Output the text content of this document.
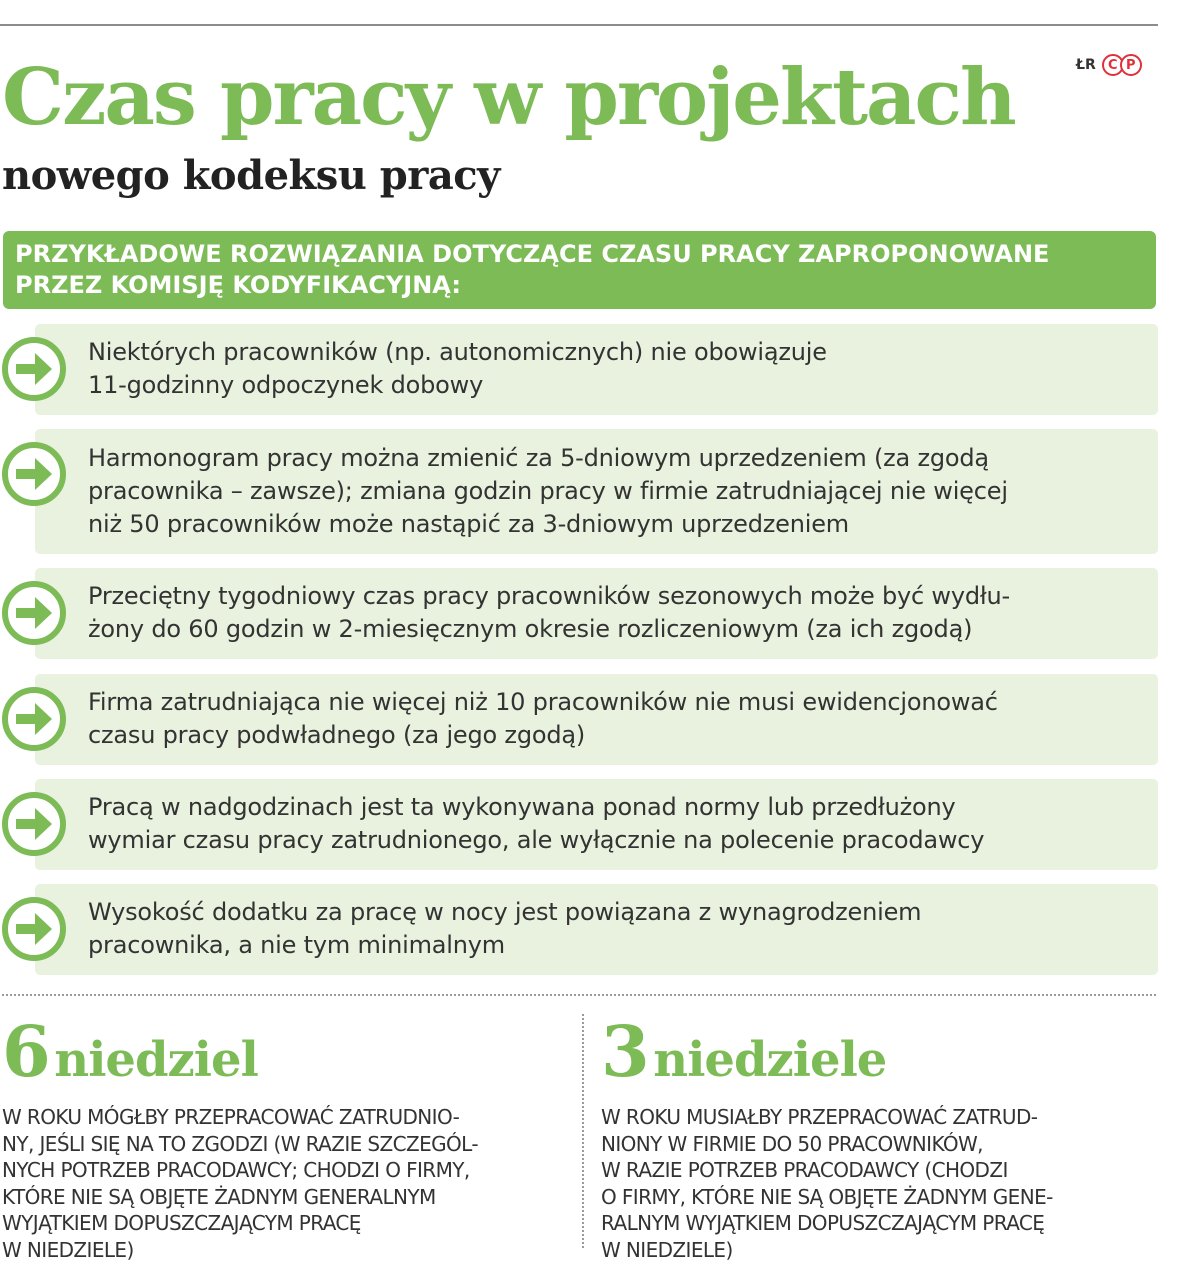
Czas pracy w projektach
nowego kodeksu pracy
ŁR C P
PRZYKŁADOWE ROZWIĄZANIA DOTYCZĄCE CZASU PRACY ZAPROPONOWANE
PRZEZ KOMISJĘ KODYFIKACYJNĄ:
Niektórych pracowników (np. autonomicznych) nie obowiązuje
11-godzinny odpoczynek dobowy
Harmonogram pracy można zmienić za 5-dniowym uprzedzeniem (za zgodą
pracownika – zawsze); zmiana godzin pracy w firmie zatrudniającej nie więcej
niż 50 pracowników może nastąpić za 3-dniowym uprzedzeniem
Przeciętny tygodniowy czas pracy pracowników sezonowych może być wydłu-
żony do 60 godzin w 2-miesięcznym okresie rozliczeniowym (za ich zgodą)
Firma zatrudniająca nie więcej niż 10 pracowników nie musi ewidencjonować
czasu pracy podwładnego (za jego zgodą)
Pracą w nadgodzinach jest ta wykonywana ponad normy lub przedłużony
wymiar czasu pracy zatrudnionego, ale wyłącznie na polecenie pracodawcy
Wysokość dodatku za pracę w nocy jest powiązana z wynagrodzeniem
pracownika, a nie tym minimalnym
6 niedziel
W ROKU MÓGŁBY PRZEPRACOWAĆ ZATRUDNIO-
NY, JEŚLI SIĘ NA TO ZGODZI (W RAZIE SZCZEGÓL-
NYCH POTRZEB PRACODAWCY; CHODZI O FIRMY,
KTÓRE NIE SĄ OBJĘTE ŻADNYM GENERALNYM
WYJĄTKIEM DOPUSZCZAJĄCYM PRACĘ
W NIEDZIELE)
3 niedziele
W ROKU MUSIAŁBY PRZEPRACOWAĆ ZATRUD-
NIONY W FIRMIE DO 50 PRACOWNIKÓW,
W RAZIE POTRZEB PRACODAWCY (CHODZI
O FIRMY, KTÓRE NIE SĄ OBJĘTE ŻADNYM GENE-
RALNYM WYJĄTKIEM DOPUSZCZAJĄCYM PRACĘ
W NIEDZIELE)
